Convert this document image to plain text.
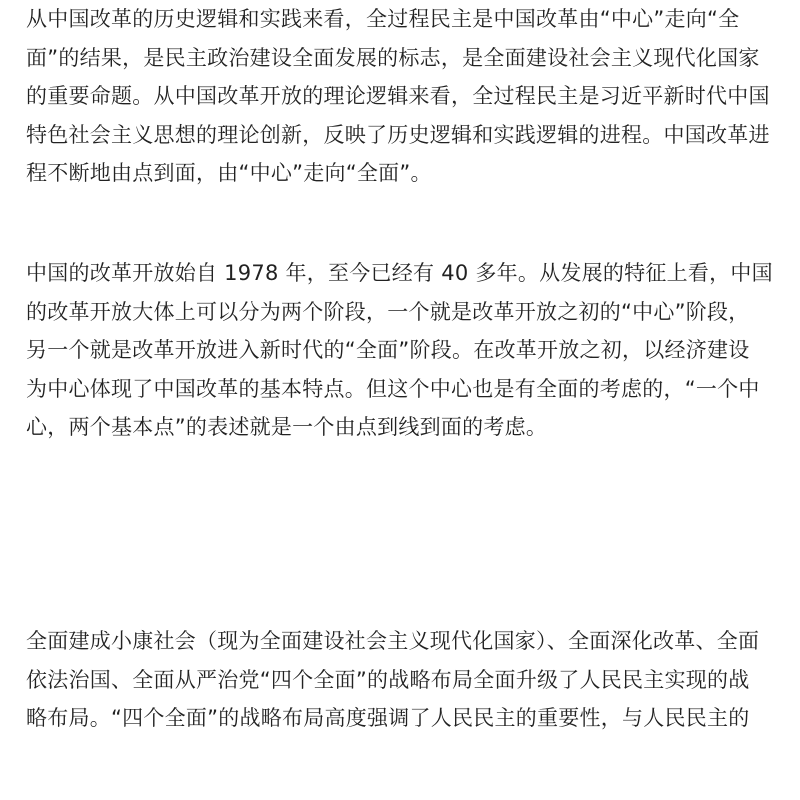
从中国改革的历史逻辑和实践来看，全过程民主是中国改革由“中心”走向“全
面”的结果，是民主政治建设全面发展的标志，是全面建设社会主义现代化国家
的重要命题。从中国改革开放的理论逻辑来看，全过程民主是习近平新时代中国
特色社会主义思想的理论创新，反映了历史逻辑和实践逻辑的进程。中国改革进
程不断地由点到面，由“中心”走向“全面”。
中国的改革开放始自 1978 年，至今已经有 40 多年。从发展的特征上看，中国
的改革开放大体上可以分为两个阶段，一个就是改革开放之初的“中心”阶段，
另一个就是改革开放进入新时代的“全面”阶段。在改革开放之初，以经济建设
为中心体现了中国改革的基本特点。但这个中心也是有全面的考虑的，“一个中
心，两个基本点”的表述就是一个由点到线到面的考虑。
全面建成小康社会（现为全面建设社会主义现代化国家）、全面深化改革、全面
依法治国、全面从严治党“四个全面”的战略布局全面升级了人民民主实现的战
略布局。“四个全面”的战略布局高度强调了人民民主的重要性，与人民民主的
